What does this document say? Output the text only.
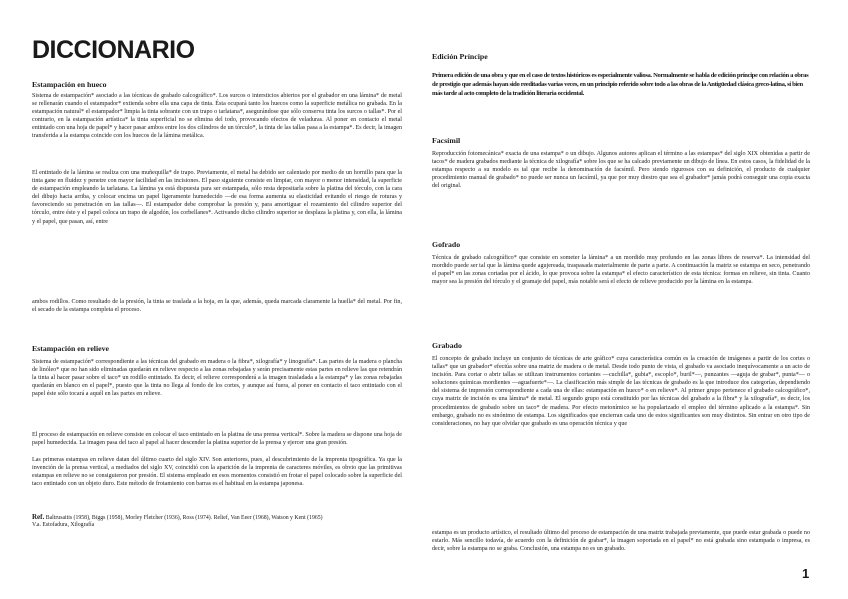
DICCIONARIO

Estampación en hueco

Sistema de estampación* asociado a las técnicas de grabado calcográfico*. Los surcos o intersticios abiertos por el grabador en una lámina* de metal se rellenarán cuando el estampador* extienda sobre ella una capa de tinta. Ésta ocupará tanto los huecos como la superficie metálica no grabada. En la estampación natural* el estampador* limpia la tinta sobrante con un trapo o tarlatana*, asegurándose que sólo conserva tinta los surcos o tallas*. Por el contrario, en la estampación artística* la tinta superficial no se elimina del todo, provocando efectos de veladuras. Al poner en contacto el metal entintado con una hoja de papel* y hacer pasar ambos entre los dos cilindros de un tórculo*, la tinta de las tallas pasa a la estampa*. Es decir, la imagen transferida a la estampa coincide con los huecos de la lámina metálica.

El entintado de la lámina se realiza con una muñequilla* de trapo. Previamente, el metal ha debido ser calentado por medio de un hornillo para que la tinta gane en fluidez y penetre con mayor facilidad en las incisiones. El paso siguiente consiste en limpiar, con mayor o menor intensidad, la superficie de estampación empleando la tarlatana. La lámina ya está dispuesta para ser estampada, sólo resta depositarla sobre la platina del tórculo, con la cara del dibujo hacia arriba, y colocar encima un papel ligeramente humedecido —de esa forma aumenta su elasticidad evitando el riesgo de roturas y favoreciendo su penetración en las tallas—. El estampador debe comprobar la presión y, para amortiguar el rozamiento del cilindro superior del tórculo, entre éste y el papel coloca un trapo de algodón, los corbellanes*. Activando dicho cilindro superior se desplaza la platina y, con ella, la lámina y el papel, que pasan, así, entre

ambos rodillos. Como resultado de la presión, la tinta se traslada a la hoja, en la que, además, queda marcada claramente la huella* del metal. Por fin, el secado de la estampa completa el proceso.

Estampación en relieve

Sistema de estampación* correspondiente a las técnicas del grabado en madera o la fibra*, xilografía* y linografía*. Las partes de la madera o plancha de linóleo* que no han sido eliminadas quedarán en relieve respecto a las zonas rebajadas y serán precisamente estas partes en relieve las que retendrán la tinta al hacer pasar sobre el taco* un rodillo entintado. Es decir, el relieve corresponderá a la imagen trasladada a la estampa* y las zonas rebajadas quedarán en blanco en el papel*, puesto que la tinta no llega al fondo de los cortes, y aunque así fuera, al poner en contacto el taco entintado con el papel éste sólo tocará a aquél en las partes en relieve.

El proceso de estampación en relieve consiste en colocar el taco entintado en la platina de una prensa vertical*. Sobre la madera se dispone una hoja de papel humedecida. La imagen pasa del taco al papel al hacer descender la platina superior de la prensa y ejercer una gran presión.

Las primeras estampas en relieve datan del último cuarto del siglo XIV. Son anteriores, pues, al descubrimiento de la imprenta tipográfica. Ya que la invención de la prensa vertical, a mediados del siglo XV, coincidió con la aparición de la imprenta de caracteres móviles, es obvio que las primitivas estampas en relieve no se consiguieron por presión. El sistema empleado en esos momentos consistió en frotar el papel colocado sobre la superficie del taco entintado con un objeto duro. Este método de frotamiento con barras es el habitual en la estampa japonesa.

Ref. Baltrusaitis (1958), Biggs (1958), Morley Fletcher (1936), Ross (1974). Relief, Van Eeer (1968), Watson y Kent (1965)

V.a. Estofadura, Xilografía

Edición Príncipe

Primera edición de una obra y que en el caso de textos históricos es especialmente valiosa. Normalmente se habla de edición príncipe con relación a obras de prestigio que además hayan sido reeditadas varias veces, en un principio referido sobre todo a las obras de la Antigüedad clásica greco-latina, si bien más tarde al acto completo de la tradición literaria occidental.

Facsímil

Reproducción fotomecánica* exacta de una estampa* o un dibujo. Algunos autores aplican el término a las estampas* del siglo XIX obtenidas a partir de tacos* de madera grabados mediante la técnica de xilografía* sobre los que se ha calcado previamente un dibujo de línea. En estos casos, la fidelidad de la estampa respecto a su modelo es tal que recibe la denominación de facsímil. Pero siendo rigurosos con su definición, el producto de cualquier procedimiento manual de grabado* no puede ser nunca un facsímil, ya que por muy diestro que sea el grabador* jamás podrá conseguir una copia exacta del original.

Gofrado

Técnica de grabado calcográfico* que consiste en someter la lámina* a un mordido muy profundo en las zonas libres de reserva*. La intensidad del mordido puede ser tal que la lámina quede agujereada, traspasada materialmente de parte a parte. A continuación la matriz se estampa en seco, penetrando el papel* en las zonas cortadas por el ácido, lo que provoca sobre la estampa* el efecto característico de esta técnica: formas en relieve, sin tinta. Cuanto mayor sea la presión del tórculo y el gramaje del papel, más notable será el efecto de relieve producido por la lámina en la estampa.

Grabado

El concepto de grabado incluye un conjunto de técnicas de arte gráfico* cuya característica común es la creación de imágenes a partir de los cortes o tallas* que un grabador* efectúa sobre una matriz de madera o de metal. Desde todo punto de vista, el grabado va asociado inequívocamente a un acto de incisión. Para cortar o abrir tallas se utilizan instrumentos cortantes —cuchilla*, gubia*, escoplo*, buril*—, punzantes —aguja de grabar*, punta*— o soluciones químicas mordientes —aguafuerte*—. La clasificación más simple de las técnicas de grabado es la que introduce dos categorías, dependiendo del sistema de impresión correspondiente a cada una de ellas: estampación en hueco* o en relieve*. Al primer grupo pertenece el grabado calcográfico*, cuya matriz de incisión es una lámina* de metal. El segundo grupo está constituido por las técnicas del grabado a la fibra* y la xilografía*, es decir, los procedimientos de grabado sobre un taco* de madera. Por efecto metonímico se ha popularizado el empleo del término aplicado a la estampa*. Sin embargo, grabado no es sinónimo de estampa. Los significados que encierran cada uno de estos significantes son muy distintos. Sin entrar en otro tipo de consideraciones, no hay que olvidar que grabado es una operación técnica y que

estampa es un producto artístico, el resultado último del proceso de estampación de una matriz trabajada previamente, que puede estar grabada o puede no estarlo. Más sencillo todavía, de acuerdo con la definición de grabar*, la imagen soportada en el papel* no está grabada sino estampada o impresa, es decir, sobre la estampa no se graba. Conclusión, una estampa no es un grabado.

1
